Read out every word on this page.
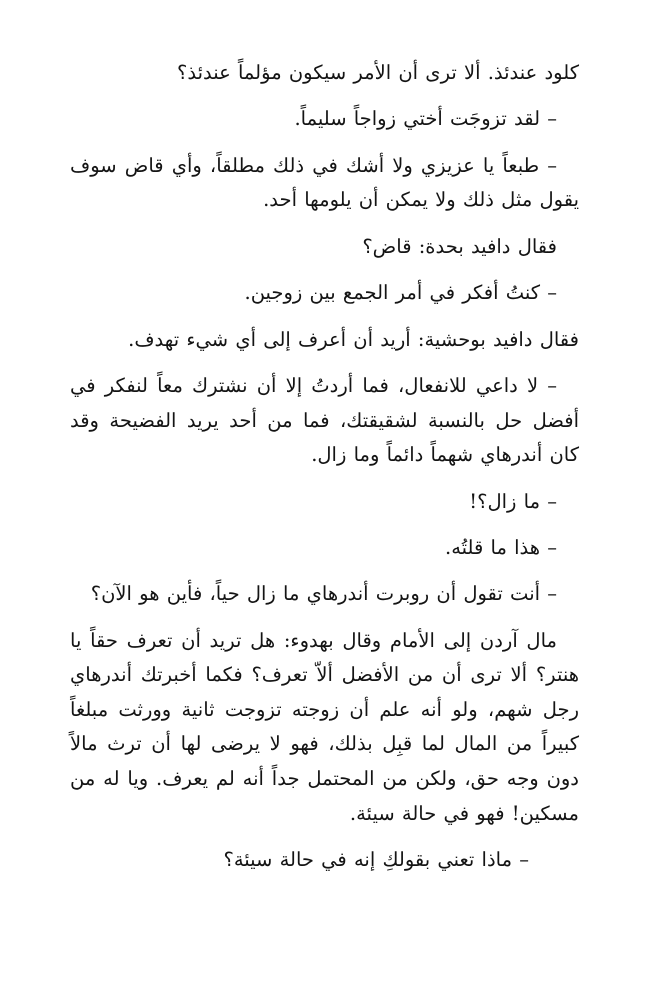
كلود عندئذ. ألا ترى أن الأمر سيكون مؤلماً عندئذ؟

– لقد تزوجَت أختي زواجاً سليماً.

– طبعاً يا عزيزي ولا أشك في ذلك مطلقاً، وأي قاض سوف يقول مثل ذلك ولا يمكن أن يلومها أحد.

فقال دافيد بحدة: قاض؟

– كنتُ أفكر في أمر الجمع بين زوجين.

فقال دافيد بوحشية: أريد أن أعرف إلى أي شيء تهدف.

– لا داعي للانفعال، فما أردتُ إلا أن نشترك معاً لنفكر في أفضل حل بالنسبة لشقيقتك، فما من أحد يريد الفضيحة وقد كان أندرهاي شهماً دائماً وما زال.

– ما زال؟!

– هذا ما قلتُه.

– أنت تقول أن روبرت أندرهاي ما زال حياً، فأين هو الآن؟

مال آردن إلى الأمام وقال بهدوء: هل تريد أن تعرف حقاً يا هنتر؟ ألا ترى أن من الأفضل ألاّ تعرف؟ فكما أخبرتك أندرهاي رجل شهم، ولو أنه علم أن زوجته تزوجت ثانية وورثت مبلغاً كبيراً من المال لما قبِل بذلك، فهو لا يرضى لها أن ترث مالاً دون وجه حق، ولكن من المحتمل جداً أنه لم يعرف. ويا له من مسكين! فهو في حالة سيئة.

– ماذا تعني بقولكِ إنه في حالة سيئة؟
